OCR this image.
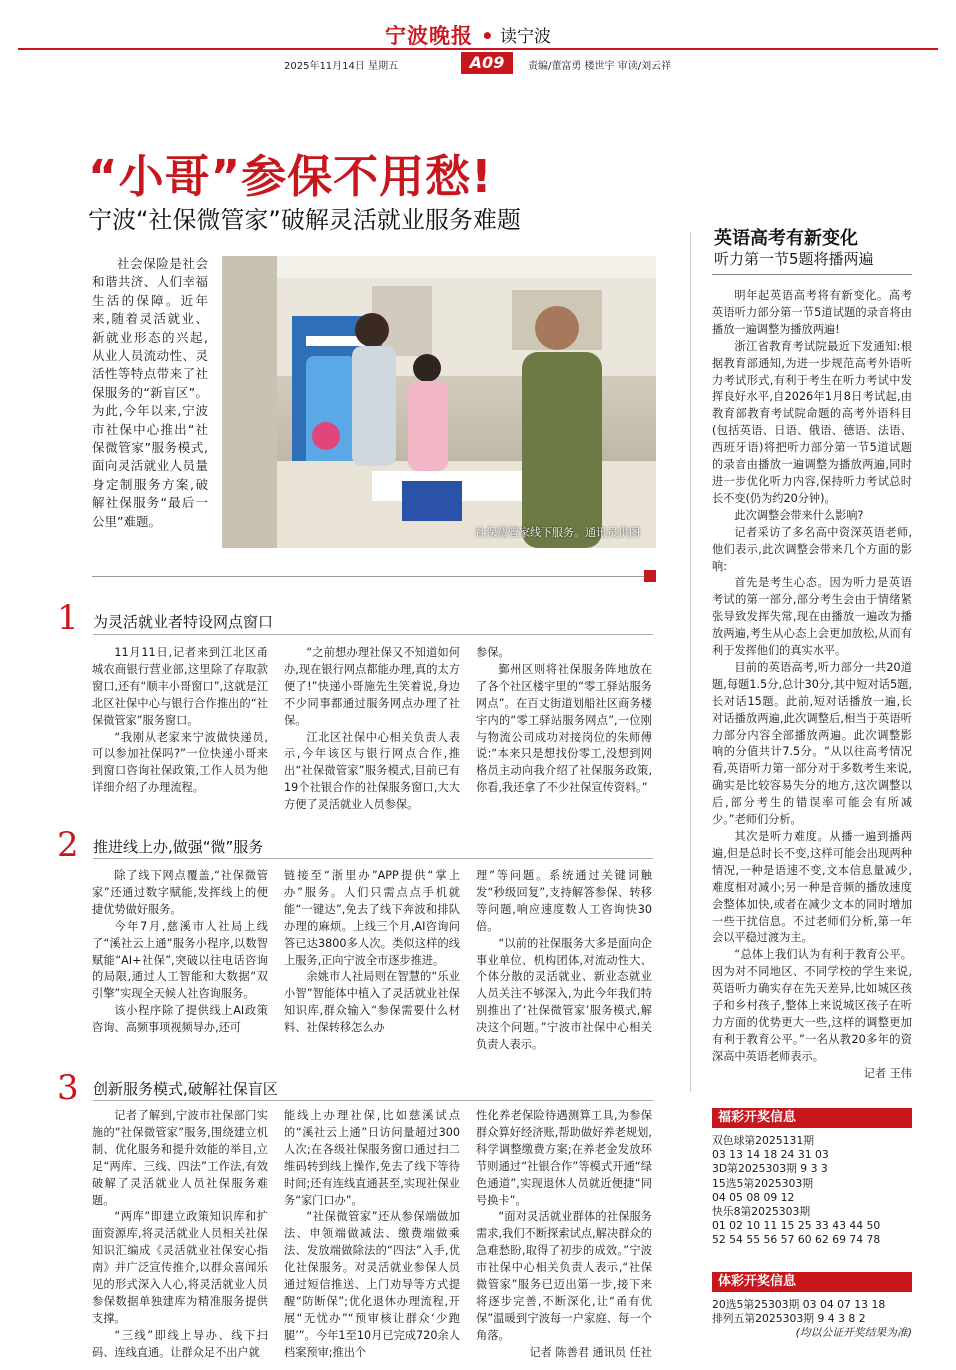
宁波晚报 • 读宁波
2025年11月14日 星期五	A09	责编/董富勇 楼世宇 审读/刘云祥
“小哥”参保不用愁!
宁波“社保微管家”破解灵活就业服务难题

社会保险是社会和谐共济、人们幸福生活的保障。近年来,随着灵活就业、新就业形态的兴起,从业人员流动性、灵活性等特点带来了社保服务的“新盲区”。为此,今年以来,宁波市社保中心推出“社保微管家”服务模式,面向灵活就业人员量身定制服务方案,破解社保服务“最后一公里”难题。

社保微管家线下服务。通讯员供图
1 为灵活就业者特设网点窗口

11月11日,记者来到江北区甬城农商银行营业部,这里除了存取款窗口,还有“顺丰小哥窗口”,这就是江北区社保中心与银行合作推出的“社保微管家”服务窗口。

“我刚从老家来宁波做快递员,可以参加社保吗?”一位快递小哥来到窗口咨询社保政策,工作人员为他详细介绍了办理流程。

“之前想办理社保又不知道如何办,现在银行网点都能办理,真的太方便了!”快递小哥施先生笑着说,身边不少同事都通过服务网点办理了社保。

江北区社保中心相关负责人表示,今年该区与银行网点合作,推出“社保微管家”服务模式,目前已有19个社银合作的社保服务窗口,大大方便了灵活就业人员参保。

参保。

鄞州区则将社保服务阵地放在了各个社区楼宇里的“零工驿站服务网点”。在百丈街道划船社区商务楼宇内的“零工驿站服务网点”,一位刚与物流公司成功对接岗位的朱师傅说:“本来只是想找份零工,没想到网格员主动向我介绍了社保服务政策,你看,我还拿了不少社保宣传资料。”

2 推进线上办,做强“微”服务

除了线下网点覆盖,“社保微管家”还通过数字赋能,发挥线上的便捷优势做好服务。

今年7月,慈溪市人社局上线了“溪社云上通”服务小程序,以数智赋能“AI+社保”,突破以往电话咨询的局限,通过人工智能和大数据“双引擎”实现全天候人社咨询服务。

该小程序除了提供线上AI政策咨询、高频事项视频导办,还可

链接至“浙里办”APP提供“掌上办”服务。人们只需点点手机就能“一键达”,免去了线下奔波和排队办理的麻烦。上线三个月,AI咨询问答已达3800多人次。类似这样的线上服务,正向宁波全市逐步推进。

余姚市人社局则在智慧的“乐业小智”智能体中植入了灵活就业社保知识库,群众输入“参保需要什么材料、社保转移怎么办

理”等问题。系统通过关键词触发“秒级回复”,支持解答参保、转移等问题,响应速度数人工咨询快30倍。

“以前的社保服务大多是面向企事业单位、机构团体,对流动性大、个体分散的灵活就业、新业态就业人员关注不够深入,为此今年我们特别推出了‘社保微管家’服务模式,解决这个问题。”宁波市社保中心相关负责人表示。

3 创新服务模式,破解社保盲区

记者了解到,宁波市社保部门实施的“社保微管家”服务,围绕建立机制、优化服务和提升效能的举目,立足“两库、三线、四法”工作法,有效破解了灵活就业人员社保服务难题。

“两库”即建立政策知识库和扩面资源库,将灵活就业人员相关社保知识汇编成《灵活就业社保安心指南》并广泛宣传推介,以群众喜闻乐见的形式深入人心,将灵活就业人员参保数据单独建库为精准服务提供支撑。

“三线”即线上导办、线下扫码、连线直通。让群众足不出户就

能线上办理社保,比如慈溪试点的“溪社云上通”日访问量超过300人次;在各级社保服务窗口通过扫二维码转到线上操作,免去了线下等待时间;还有连线直通甚至,实现社保业务“家门口办”。

“社保微管家”还从参保端做加法、申领端做减法、缴费端做乘法、发放端做除法的“四法”入手,优化社保服务。对灵活就业参保人员通过短信推送、上门劝导等方式提醒“防断保”;优化退休办理流程,开展“无忧办”“预审核让群众‘少跑腿’”。今年1至10月已完成720余人档案预审;推出个

性化养老保险待遇测算工具,为参保群众算好经济账,帮助做好养老规划,科学调整缴费方案;在养老金发放环节则通过“社银合作”等模式开通“绿色通道”,实现退休人员就近便捷“同号换卡”。

“面对灵活就业群体的社保服务需求,我们不断探索试点,解决群众的急难愁盼,取得了初步的成效。”宁波市社保中心相关负责人表示,“社保微管家”服务已迈出第一步,接下来将逐步完善,不断深化,让“甬有优保”温暖到宁波每一户家庭、每一个角落。

记者 陈善君 通讯员 任社

英语高考有新变化
听力第一节5题将播两遍

明年起英语高考将有新变化。高考英语听力部分第一节5道试题的录音将由播放一遍调整为播放两遍!

浙江省教育考试院最近下发通知:根据教育部通知,为进一步规范高考外语听力考试形式,有利于考生在听力考试中发挥良好水平,自2026年1月8日考试起,由教育部教育考试院命题的高考外语科目(包括英语、日语、俄语、德语、法语、西班牙语)将把听力部分第一节5道试题的录音由播放一遍调整为播放两遍,同时进一步优化听力内容,保持听力考试总时长不变(仍为约20分钟)。

此次调整会带来什么影响?

记者采访了多名高中资深英语老师,他们表示,此次调整会带来几个方面的影响:

首先是考生心态。因为听力是英语考试的第一部分,部分考生会由于情绪紧张导致发挥失常,现在由播放一遍改为播放两遍,考生从心态上会更加放松,从而有利于发挥他们的真实水平。

目前的英语高考,听力部分一共20道题,每题1.5分,总计30分,其中短对话5题,长对话15题。此前,短对话播放一遍,长对话播放两遍,此次调整后,相当于英语听力部分内容全部播放两遍。此次调整影响的分值共计7.5分。“从以往高考情况看,英语听力第一部分对于多数考生来说,确实是比较容易失分的地方,这次调整以后,部分考生的错误率可能会有所减少。”老师们分析。

其次是听力难度。从播一遍到播两遍,但是总时长不变,这样可能会出现两种情况,一种是语速不变,文本信息量减少,难度相对减小;另一种是音频的播放速度会整体加快,或者在减少文本的同时增加一些干扰信息。不过老师们分析,第一年会以平稳过渡为主。

“总体上我们认为有利于教育公平。因为对不同地区、不同学校的学生来说,英语听力确实存在先天差异,比如城区孩子和乡村孩子,整体上来说城区孩子在听力方面的优势更大一些,这样的调整更加有利于教育公平。”一名从教20多年的资深高中英语老师表示。

记者 王伟

福彩开奖信息
双色球第2025131期
03 13 14 18 24 31 03
3D第2025303期 9 3 3
15选5第2025303期
04 05 08 09 12
快乐8第2025303期
01 02 10 11 15 25 33 43 44 50
52 54 55 56 57 60 62 69 74 78
体彩开奖信息
20选5第25303期 03 04 07 13 18
排列五第2025303期 9 4 3 8 2
(均以公证开奖结果为准)
